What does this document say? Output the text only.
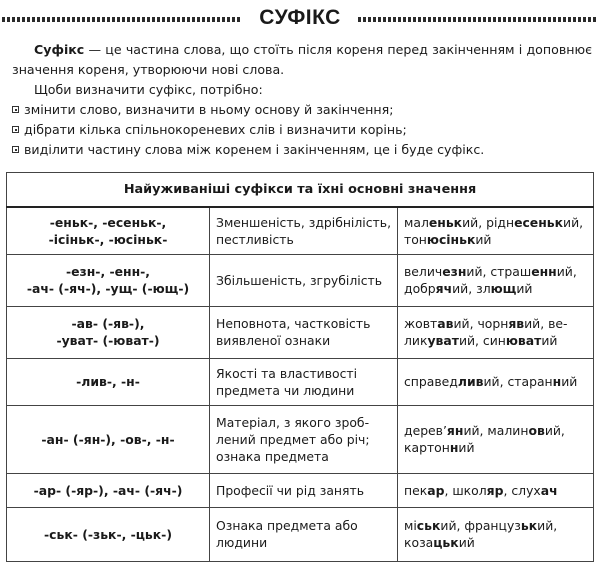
СУФІКС

Суфікс — це частина слова, що стоїть після кореня перед закінченням і доповнює значення кореня, утворюючи нові слова.

Щоби визначити суфікс, потрібно:

змінити слово, визначити в ньому основу й закінчення;
дібрати кілька спільнокореневих слів і визначити корінь;
виділити частину слова між коренем і закінченням, це і буде суфікс.
Найуживаніші суфікси та їхні основні значення		

-еньк-, -есеньк-,
-ісіньк-, -юсіньк-	Зменшеність, здрібнілість,
пестливість	маленький, ріднесенький,
тонюсінький

-езн-, -енн-,
-ач- (-яч-), -ущ- (-ющ-)	Збільшеність, згрубілість	величезний, страшенний,
добрячий, злющий

-ав- (-яв-),
-уват- (-юват-)	Неповнота, частковість
виявленої ознаки	жовтавий, чорнявий, ве-
ликуватий, синюватий

-лив-, -н-	Якості та властивості
предмета чи людини	справедливий, старанний

-ан- (-ян-), -ов-, -н-	Матеріал, з якого зроб-
лений предмет або річ;
ознака предмета	дерев’яний, малиновий,
картонний

-ар- (-яр-), -ач- (-яч-)	Професії чи рід занять	пекар, школяр, слухач

-ськ- (-зьк-, -цьк-)	Ознака предмета або
людини	міський, французький,
козацький
